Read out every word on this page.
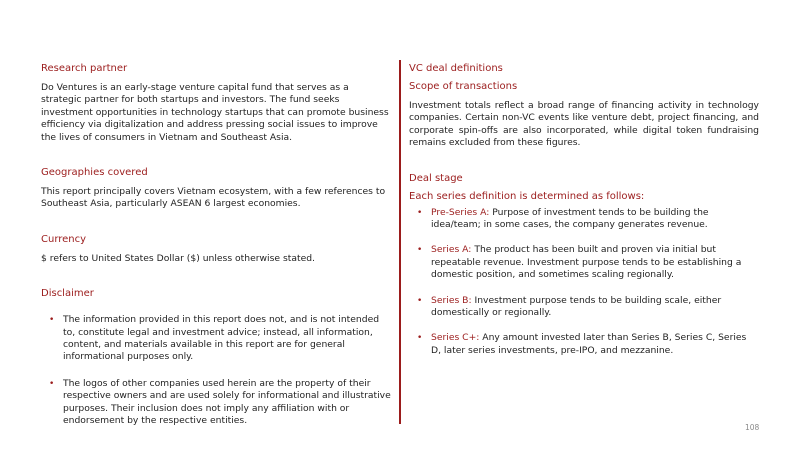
Research partner

Do Ventures is an early-stage venture capital fund that serves as a strategic partner for both startups and investors. The fund seeks investment opportunities in technology startups that can promote business efficiency via digitalization and address pressing social issues to improve the lives of consumers in Vietnam and Southeast Asia.

Geographies covered

This report principally covers Vietnam ecosystem, with a few references to Southeast Asia, particularly ASEAN 6 largest economies.

Currency

$ refers to United States Dollar ($) unless otherwise stated.

Disclaimer

• The information provided in this report does not, and is not intended to, constitute legal and investment advice; instead, all information, content, and materials available in this report are for general informational purposes only.
• The logos of other companies used herein are the property of their respective owners and are used solely for informational and illustrative purposes. Their inclusion does not imply any affiliation with or endorsement by the respective entities.

VC deal definitions

Scope of transactions

Investment totals reflect a broad range of financing activity in technology companies. Certain non-VC events like venture debt, project financing, and corporate spin-offs are also incorporated, while digital token fundraising remains excluded from these figures.

Deal stage

Each series definition is determined as follows:

• Pre-Series A: Purpose of investment tends to be building the idea/team; in some cases, the company generates revenue.
• Series A: The product has been built and proven via initial but repeatable revenue. Investment purpose tends to be establishing a domestic position, and sometimes scaling regionally.
• Series B: Investment purpose tends to be building scale, either domestically or regionally.
• Series C+: Any amount invested later than Series B, Series C, Series D, later series investments, pre-IPO, and mezzanine.
108
